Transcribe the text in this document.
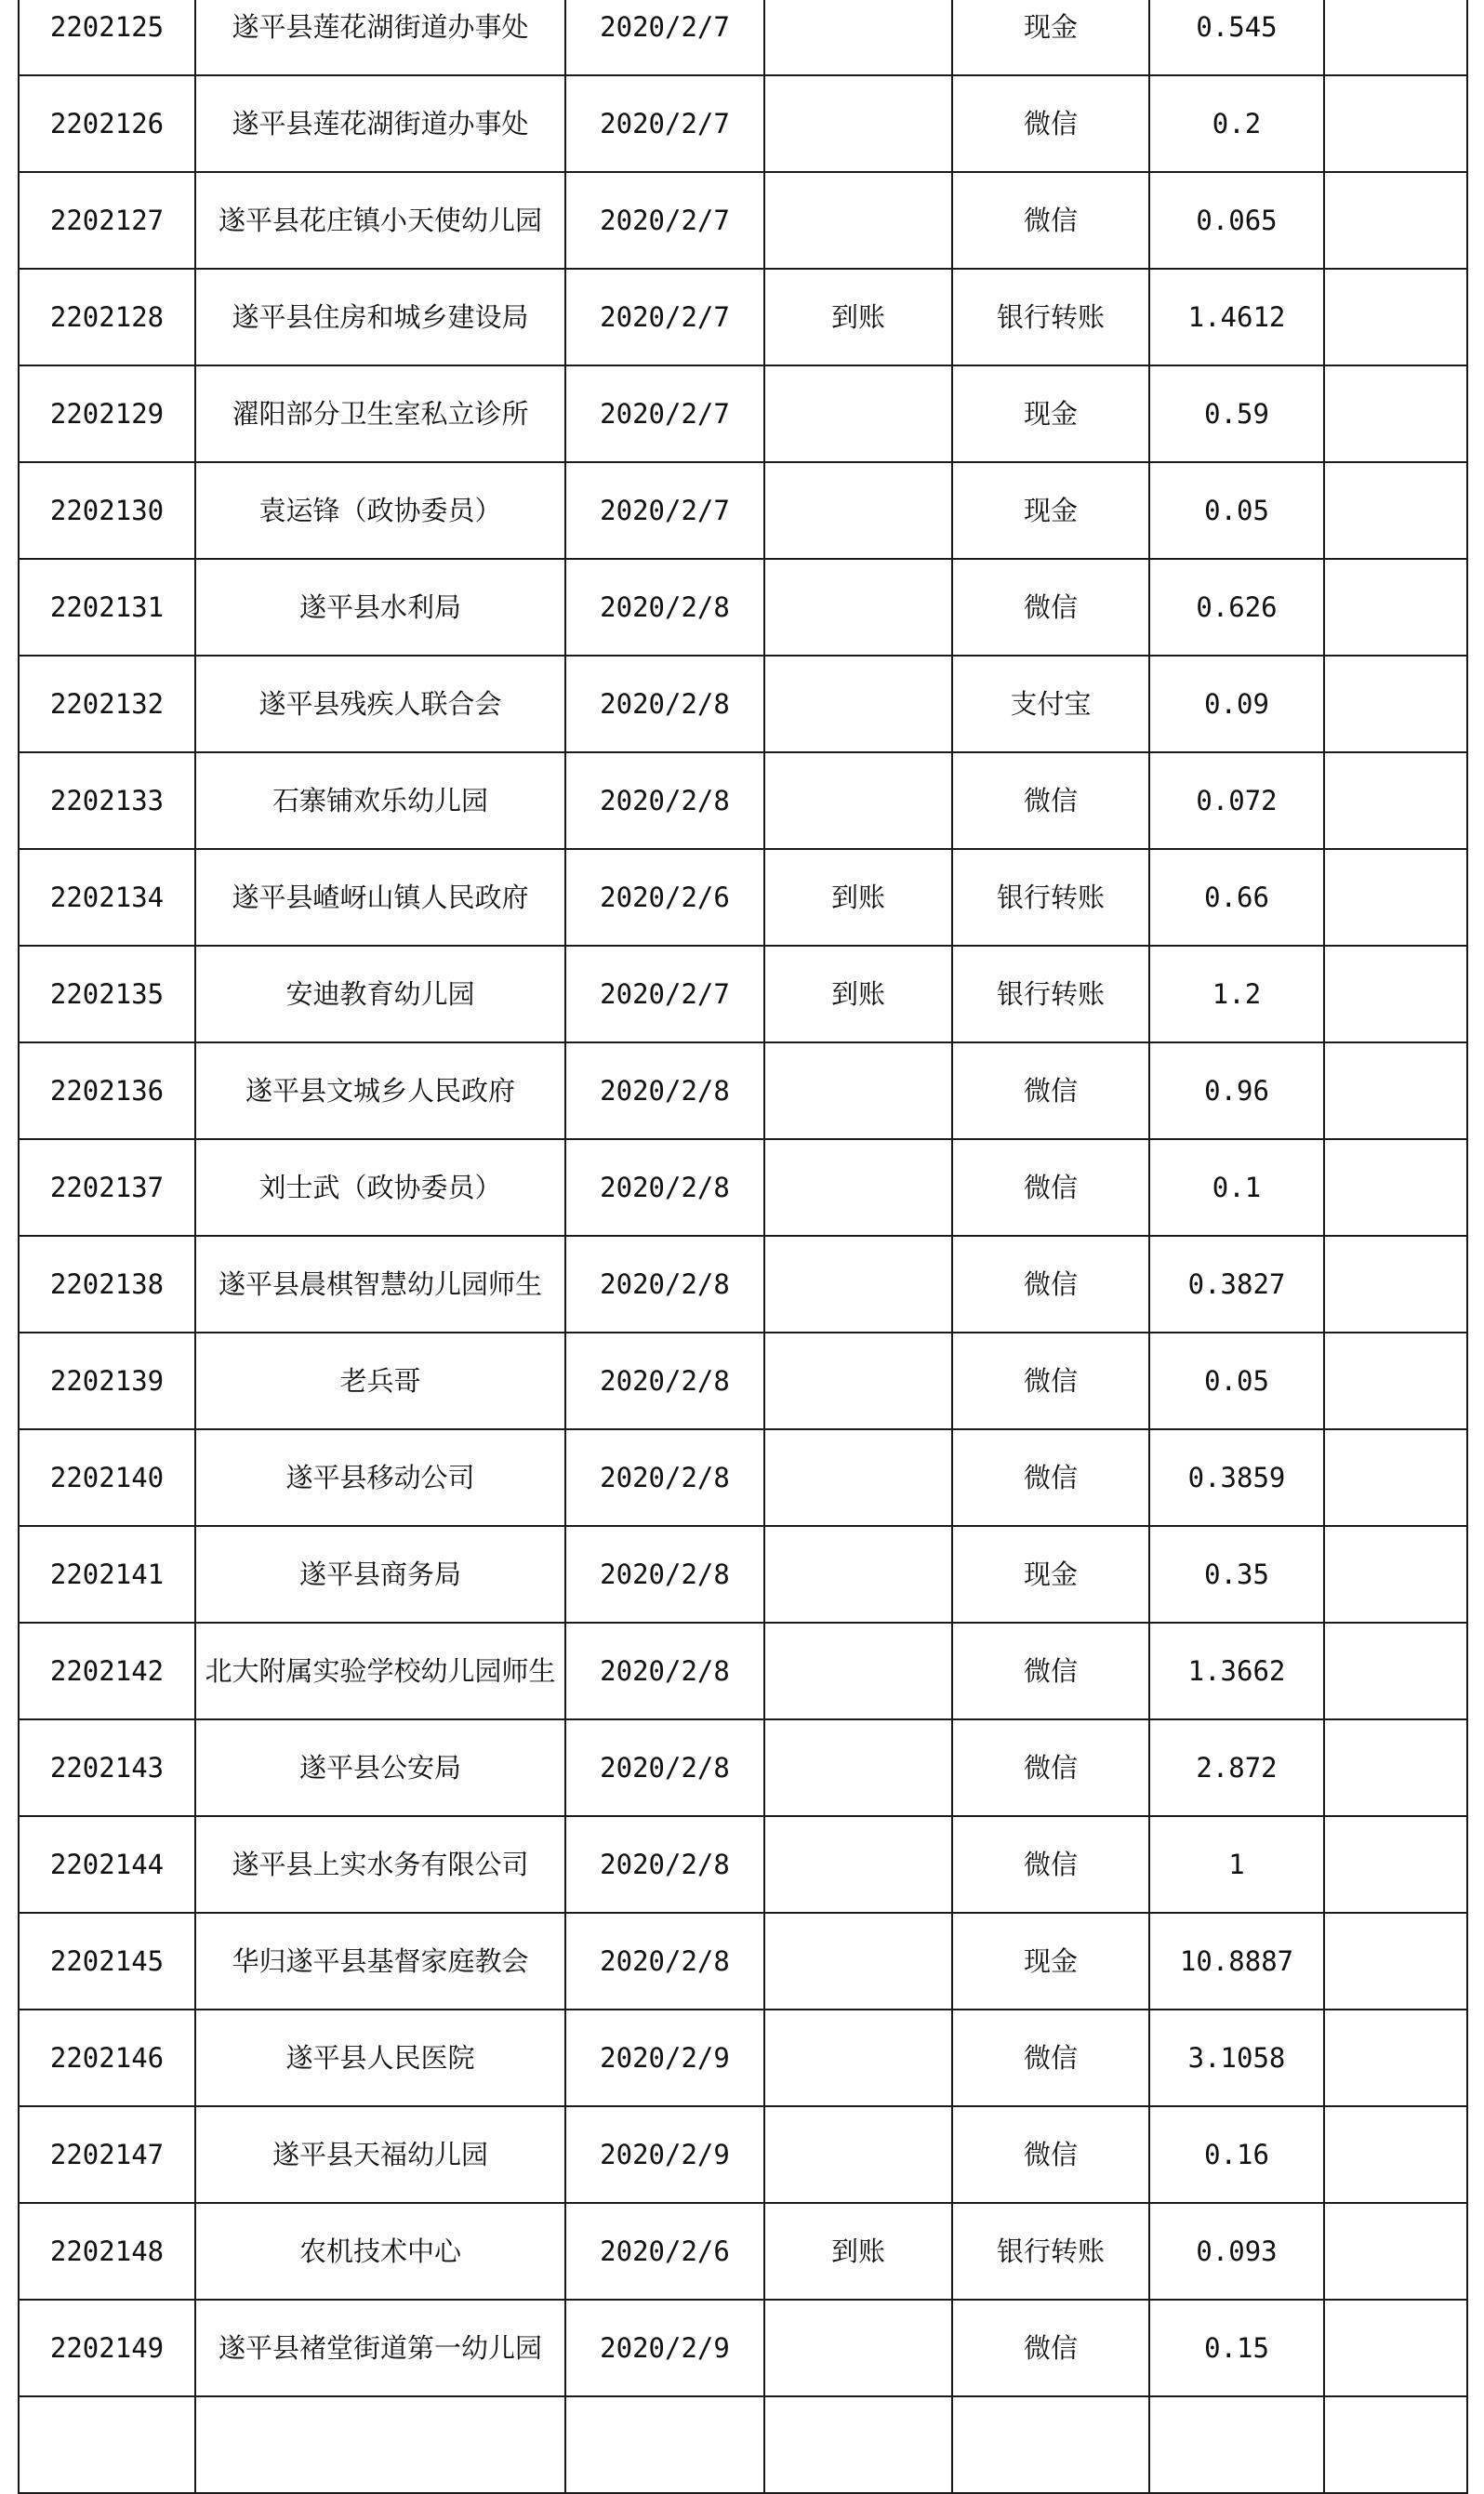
2202125	遂平县莲花湖街道办事处	2020/2/7		现金	0.545	
2202126	遂平县莲花湖街道办事处	2020/2/7		微信	0.2	
2202127	遂平县花庄镇小天使幼儿园	2020/2/7		微信	0.065	
2202128	遂平县住房和城乡建设局	2020/2/7	到账	银行转账	1.4612	
2202129	濯阳部分卫生室私立诊所	2020/2/7		现金	0.59	
2202130	袁运锋（政协委员）	2020/2/7		现金	0.05	
2202131	遂平县水利局	2020/2/8		微信	0.626	
2202132	遂平县残疾人联合会	2020/2/8		支付宝	0.09	
2202133	石寨铺欢乐幼儿园	2020/2/8		微信	0.072	
2202134	遂平县嵖岈山镇人民政府	2020/2/6	到账	银行转账	0.66	
2202135	安迪教育幼儿园	2020/2/7	到账	银行转账	1.2	
2202136	遂平县文城乡人民政府	2020/2/8		微信	0.96	
2202137	刘士武（政协委员）	2020/2/8		微信	0.1	
2202138	遂平县晨棋智慧幼儿园师生	2020/2/8		微信	0.3827	
2202139	老兵哥	2020/2/8		微信	0.05	
2202140	遂平县移动公司	2020/2/8		微信	0.3859	
2202141	遂平县商务局	2020/2/8		现金	0.35	
2202142	北大附属实验学校幼儿园师生	2020/2/8		微信	1.3662	
2202143	遂平县公安局	2020/2/8		微信	2.872	
2202144	遂平县上实水务有限公司	2020/2/8		微信	1	
2202145	华归遂平县基督家庭教会	2020/2/8		现金	10.8887	
2202146	遂平县人民医院	2020/2/9		微信	3.1058	
2202147	遂平县天福幼儿园	2020/2/9		微信	0.16	
2202148	农机技术中心	2020/2/6	到账	银行转账	0.093	
2202149	遂平县褚堂街道第一幼儿园	2020/2/9		微信	0.15	
